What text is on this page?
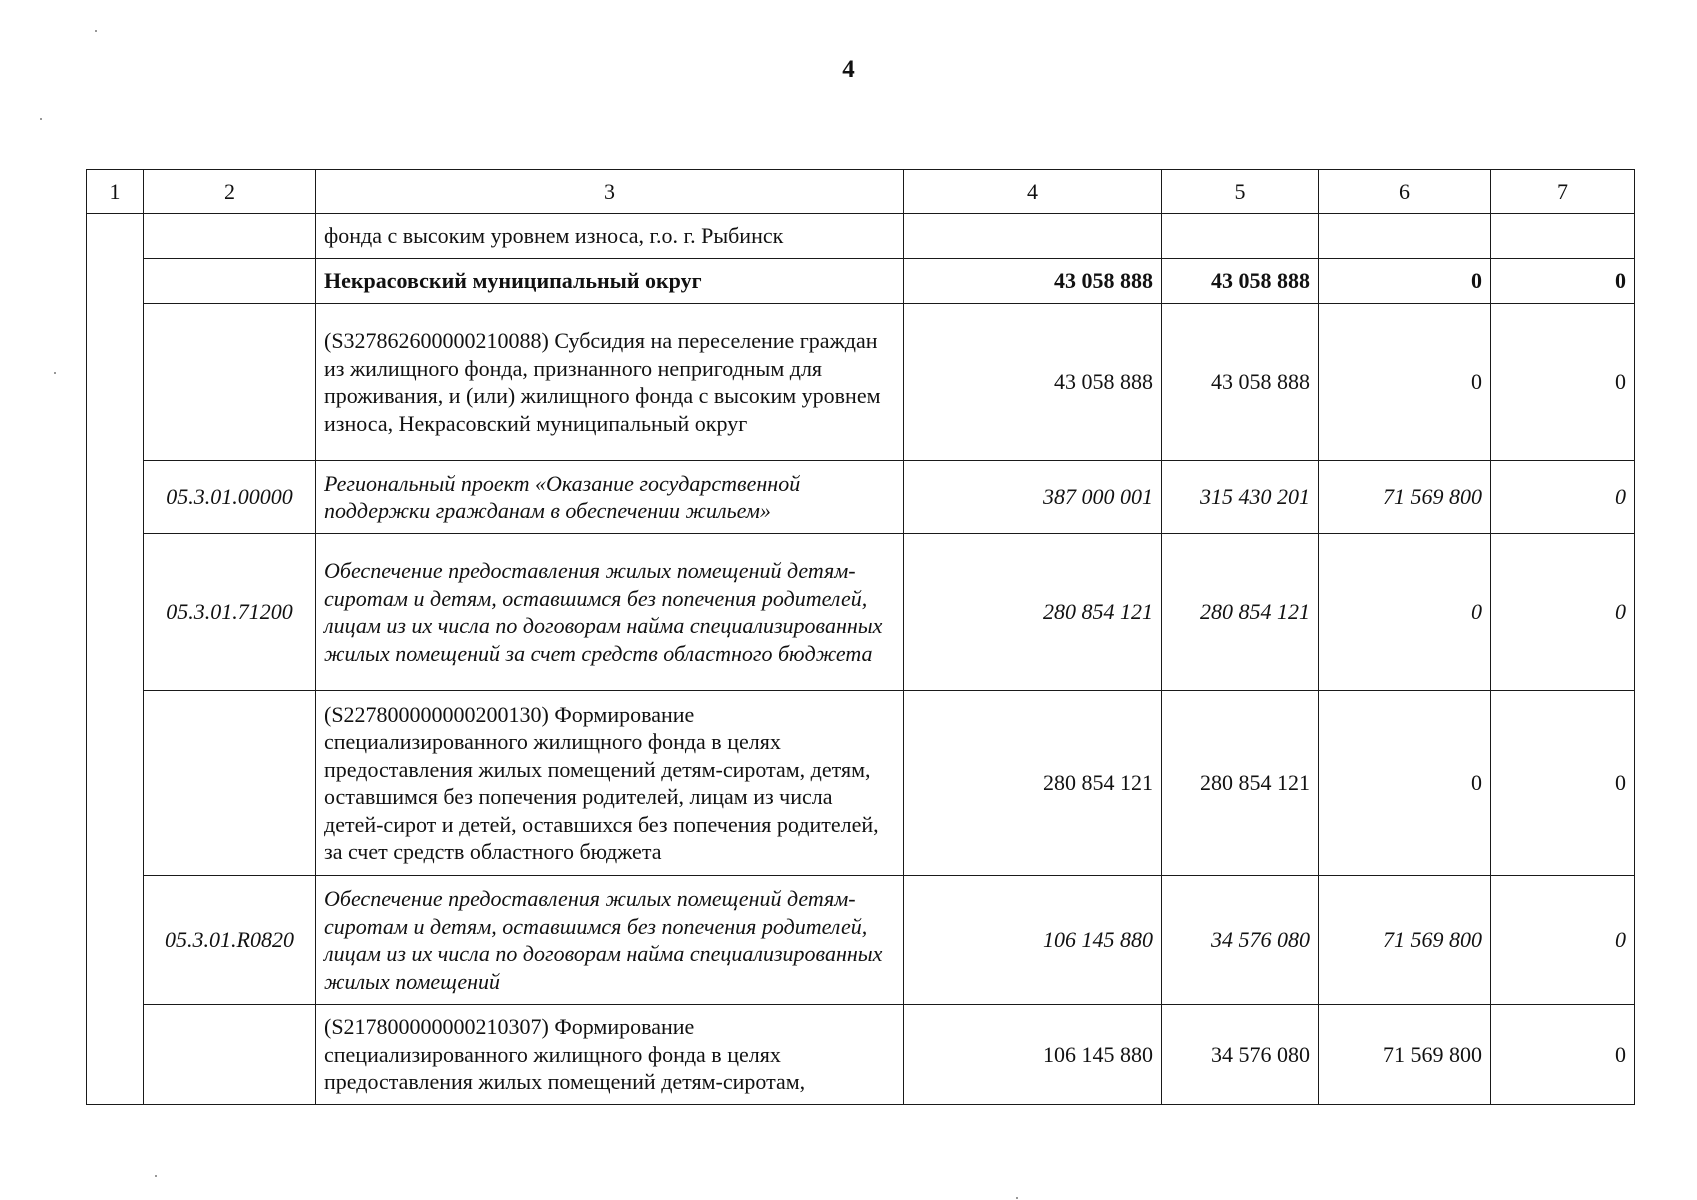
4
1	2	3	4	5	6	7
		фонда с высоким уровнем износа, г.о. г. Рыбинск				
		Некрасовский муниципальный округ	43 058 888	43 058 888	0	0
		(S327862600000210088) Субсидия на переселение граждан из жилищного фонда, признанного непригодным для проживания, и (или) жилищного фонда с высоким уровнем износа, Некрасовский муниципальный округ	43 058 888	43 058 888	0	0
	05.3.01.00000	Региональный проект «Оказание государственной поддержки гражданам в обеспечении жильем»	387 000 001	315 430 201	71 569 800	0
	05.3.01.71200	Обеспечение предоставления жилых помещений детям-сиротам и детям, оставшимся без попечения родителей, лицам из их числа по договорам найма специализированных жилых помещений за счет средств областного бюджета	280 854 121	280 854 121	0	0
		(S227800000000200130) Формирование специализированного жилищного фонда в целях предоставления жилых помещений детям-сиротам, детям, оставшимся без попечения родителей, лицам из числа детей-сирот и детей, оставшихся без попечения родителей, за счет средств областного бюджета	280 854 121	280 854 121	0	0
	05.3.01.R0820	Обеспечение предоставления жилых помещений детям-сиротам и детям, оставшимся без попечения родителей, лицам из их числа по договорам найма специализированных жилых помещений	106 145 880	34 576 080	71 569 800	0
		(S217800000000210307) Формирование специализированного жилищного фонда в целях предоставления жилых помещений детям-сиротам,	106 145 880	34 576 080	71 569 800	0
